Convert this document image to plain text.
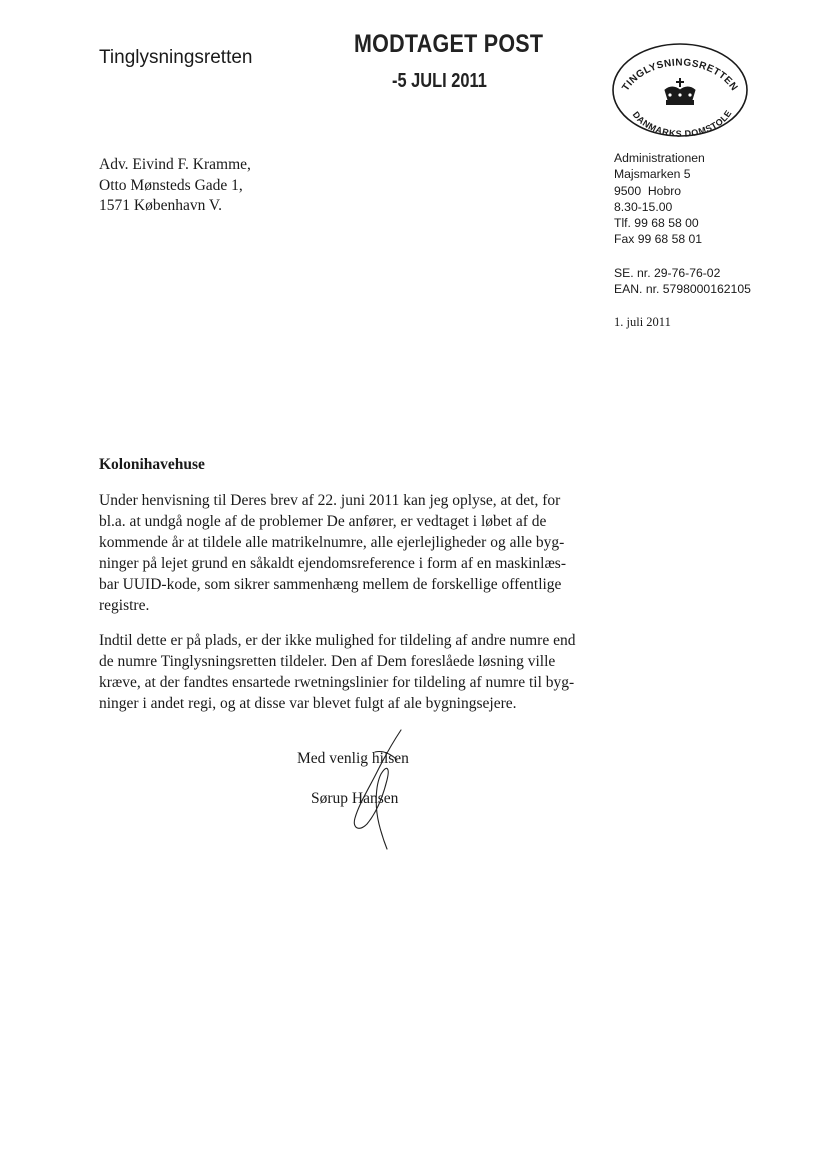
Tinglysningsretten	MODTAGET POST
-5 JULI 2011	TINGLYSNINGSRETTEN
DANMARKS DOMSTOLE
Adv. Eivind F. Kramme,
Otto Mønsteds Gade 1,
1571 København V.
Administrationen
Majsmarken 5
9500  Hobro
8.30-15.00
Tlf. 99 68 58 00
Fax 99 68 58 01
SE. nr. 29-76-76-02
EAN. nr. 5798000162105
1. juli 2011
Kolonihavehuse
Under henvisning til Deres brev af 22. juni 2011 kan jeg oplyse, at det, for
bl.a. at undgå nogle af de problemer De anfører, er vedtaget i løbet af de
kommende år at tildele alle matrikelnumre, alle ejerlejligheder og alle byg-
ninger på lejet grund en såkaldt ejendomsreference i form af en maskinlæs-
bar UUID-kode, som sikrer sammenhæng mellem de forskellige offentlige
registre.
Indtil dette er på plads, er der ikke mulighed for tildeling af andre numre end
de numre Tinglysningsretten tildeler. Den af Dem foreslåede løsning ville
kræve, at der fandtes ensartede rwetningslinier for tildeling af numre til byg-
ninger i andet regi, og at disse var blevet fulgt af ale bygningsejere.
Med venlig hilsen
Sørup Hansen
